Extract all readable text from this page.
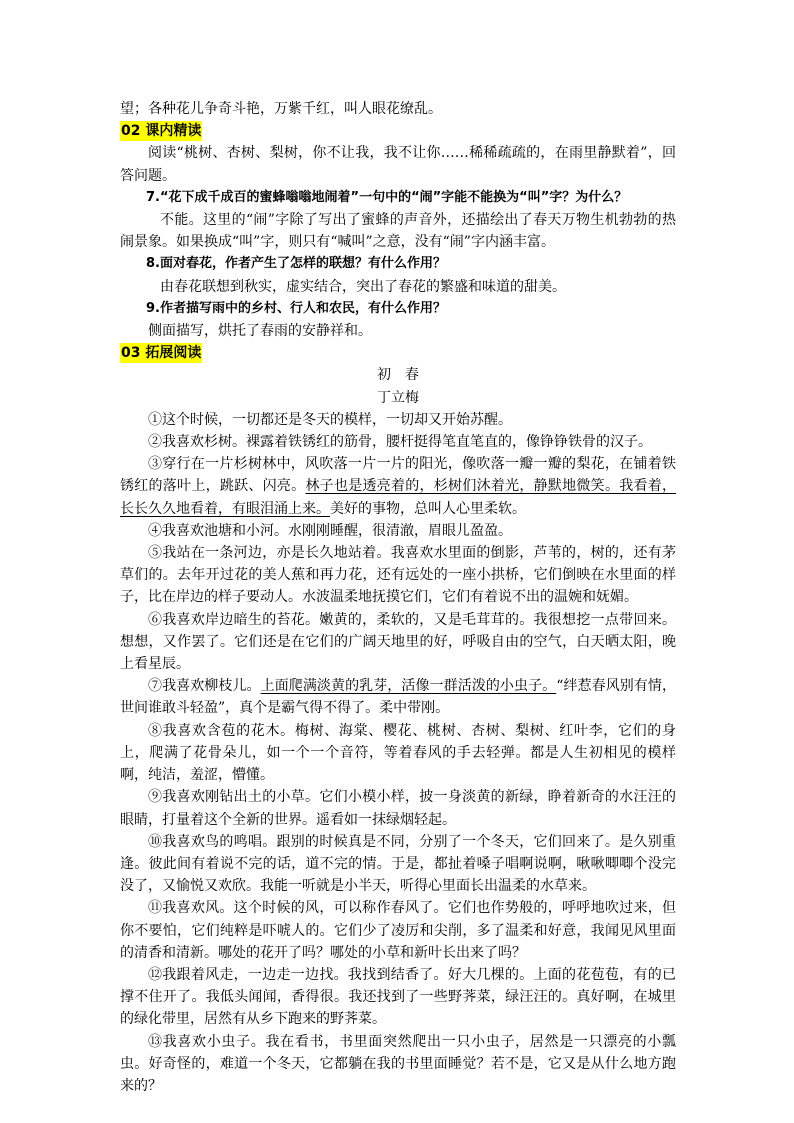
望；各种花儿争奇斗艳，万紫千红，叫人眼花缭乱。

02 课内精读

阅读“桃树、杏树、梨树，你不让我，我不让你……稀稀疏疏的，在雨里静默着”，回答问题。

7.“花下成千成百的蜜蜂嗡嗡地闹着”一句中的“闹”字能不能换为“叫”字？为什么？

不能。这里的“闹”字除了写出了蜜蜂的声音外，还描绘出了春天万物生机勃勃的热闹景象。如果换成“叫”字，则只有“喊叫”之意，没有“闹”字内涵丰富。

8.面对春花，作者产生了怎样的联想？有什么作用？

由春花联想到秋实，虚实结合，突出了春花的繁盛和味道的甜美。

9.作者描写雨中的乡村、行人和农民，有什么作用？

侧面描写，烘托了春雨的安静祥和。

03 拓展阅读

初　春

丁立梅

①这个时候，一切都还是冬天的模样，一切却又开始苏醒。

②我喜欢杉树。裸露着铁锈红的筋骨，腰杆挺得笔直笔直的，像铮铮铁骨的汉子。

③穿行在一片杉树林中，风吹落一片一片的阳光，像吹落一瓣一瓣的梨花，在铺着铁锈红的落叶上，跳跃、闪亮。林子也是透亮着的，杉树们沐着光，静默地微笑。我看着，长长久久地看着，有眼泪涌上来。美好的事物，总叫人心里柔软。

④我喜欢池塘和小河。水刚刚睡醒，很清澈，眉眼儿盈盈。

⑤我站在一条河边，亦是长久地站着。我喜欢水里面的倒影，芦苇的，树的，还有茅草们的。去年开过花的美人蕉和再力花，还有远处的一座小拱桥，它们倒映在水里面的样子，比在岸边的样子要动人。水波温柔地抚摸它们，它们有着说不出的温婉和妩媚。

⑥我喜欢岸边暗生的苔花。嫩黄的，柔软的，又是毛茸茸的。我很想挖一点带回来。想想，又作罢了。它们还是在它们的广阔天地里的好，呼吸自由的空气，白天晒太阳，晚上看星辰。

⑦我喜欢柳枝儿。上面爬满淡黄的乳芽，活像一群活泼的小虫子。“绊惹春风别有情，世间谁敢斗轻盈”，真个是霸气得不得了。柔中带刚。

⑧我喜欢含苞的花木。梅树、海棠、樱花、桃树、杏树、梨树、红叶李，它们的身上，爬满了花骨朵儿，如一个一个音符，等着春风的手去轻弹。都是人生初相见的模样啊，纯洁，羞涩，懵懂。

⑨我喜欢刚钻出土的小草。它们小模小样，披一身淡黄的新绿，睁着新奇的水汪汪的眼睛，打量着这个全新的世界。遥看如一抹绿烟轻起。

⑩我喜欢鸟的鸣唱。跟别的时候真是不同，分别了一个冬天，它们回来了。是久别重逢。彼此间有着说不完的话，道不完的情。于是，都扯着嗓子唱啊说啊，啾啾唧唧个没完没了，又愉悦又欢欣。我能一听就是小半天，听得心里面长出温柔的水草来。

⑪我喜欢风。这个时候的风，可以称作春风了。它们也作势般的，呼呼地吹过来，但你不要怕，它们纯粹是吓唬人的。它们少了凌厉和尖削，多了温柔和好意，我闻见风里面的清香和清新。哪处的花开了吗？哪处的小草和新叶长出来了吗？

⑫我跟着风走，一边走一边找。我找到结香了。好大几棵的。上面的花苞苞，有的已撑不住开了。我低头闻闻，香得很。我还找到了一些野荠菜，绿汪汪的。真好啊，在城里的绿化带里，居然有从乡下跑来的野荠菜。

⑬我喜欢小虫子。我在看书，书里面突然爬出一只小虫子，居然是一只漂亮的小瓢虫。好奇怪的，难道一个冬天，它都躺在我的书里面睡觉？若不是，它又是从什么地方跑来的？
